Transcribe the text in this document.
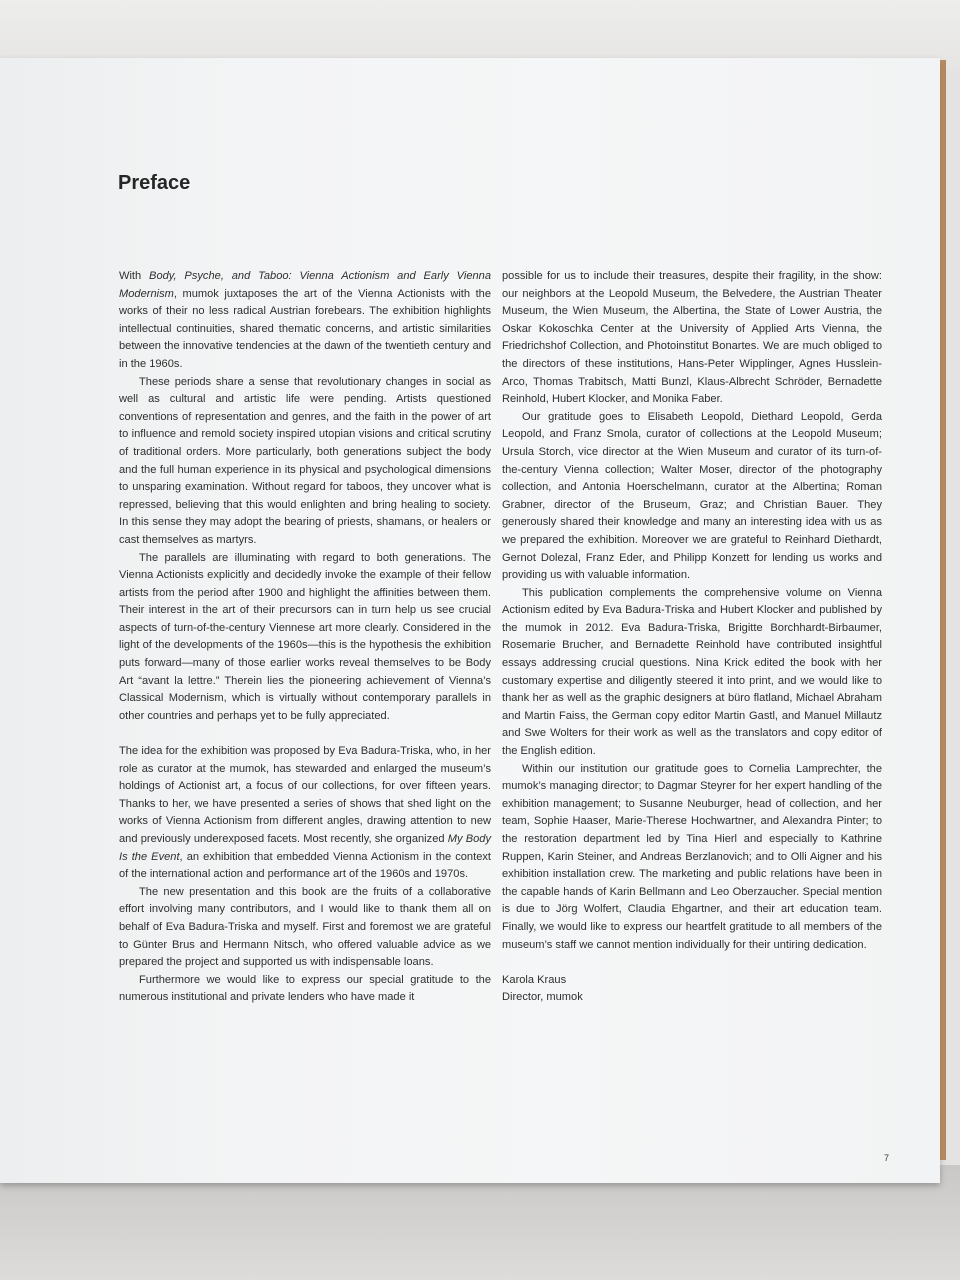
Preface

With Body, Psyche, and Taboo: Vienna Actionism and Early Vienna Modernism, mumok juxtaposes the art of the Vienna Actionists with the works of their no less radical Austrian forebears. The exhibition highlights intellectual continuities, shared thematic concerns, and artistic similarities between the innovative tendencies at the dawn of the twentieth century and in the 1960s.

These periods share a sense that revolutionary changes in social as well as cultural and artistic life were pending. Artists questioned conventions of representation and genres, and the faith in the power of art to influence and remold society inspired utopian visions and critical scrutiny of traditional orders. More particularly, both generations subject the body and the full human experience in its physical and psychological dimensions to unsparing examination. Without regard for taboos, they uncover what is repressed, believing that this would enlighten and bring healing to society. In this sense they may adopt the bearing of priests, shamans, or healers or cast themselves as martyrs.

The parallels are illuminating with regard to both generations. The Vienna Actionists explicitly and decidedly invoke the example of their fellow artists from the period after 1900 and highlight the affinities between them. Their interest in the art of their precursors can in turn help us see crucial aspects of turn-of-the-century Viennese art more clearly. Considered in the light of the developments of the 1960s—this is the hypothesis the exhibition puts forward—many of those earlier works reveal themselves to be Body Art “avant la lettre.” Therein lies the pioneering achievement of Vienna’s Classical Modernism, which is virtually without contemporary parallels in other countries and perhaps yet to be fully appreciated.

The idea for the exhibition was proposed by Eva Badura-Triska, who, in her role as curator at the mumok, has stewarded and enlarged the museum’s holdings of Actionist art, a focus of our collections, for over fifteen years. Thanks to her, we have presented a series of shows that shed light on the works of Vienna Actionism from different angles, drawing attention to new and previously underexposed facets. Most recently, she organized My Body Is the Event, an exhibition that embedded Vienna Actionism in the context of the international action and performance art of the 1960s and 1970s.

The new presentation and this book are the fruits of a collaborative effort involving many contributors, and I would like to thank them all on behalf of Eva Badura-Triska and myself. First and foremost we are grateful to Günter Brus and Hermann Nitsch, who offered valuable advice as we prepared the project and supported us with indispensable loans.

Furthermore we would like to express our special gratitude to the numerous institutional and private lenders who have made it

possible for us to include their treasures, despite their fragility, in the show: our neighbors at the Leopold Museum, the Belvedere, the Austrian Theater Museum, the Wien Museum, the Albertina, the State of Lower Austria, the Oskar Kokoschka Center at the University of Applied Arts Vienna, the Friedrichshof Collection, and Photoinstitut Bonartes. We are much obliged to the directors of these institutions, Hans-Peter Wipplinger, Agnes Husslein-Arco, Thomas Trabitsch, Matti Bunzl, Klaus-Albrecht Schröder, Bernadette Reinhold, Hubert Klocker, and Monika Faber.

Our gratitude goes to Elisabeth Leopold, Diethard Leopold, Gerda Leopold, and Franz Smola, curator of collections at the Leopold Museum; Ursula Storch, vice director at the Wien Museum and curator of its turn-of-the-century Vienna collection; Walter Moser, director of the photography collection, and Antonia Hoerschelmann, curator at the Albertina; Roman Grabner, director of the Bruseum, Graz; and Christian Bauer. They generously shared their knowledge and many an interesting idea with us as we prepared the exhibition. Moreover we are grateful to Reinhard Diethardt, Gernot Dolezal, Franz Eder, and Philipp Konzett for lending us works and providing us with valuable information.

This publication complements the comprehensive volume on Vienna Actionism edited by Eva Badura-Triska and Hubert Klocker and published by the mumok in 2012. Eva Badura-Triska, Brigitte Borchhardt-Birbaumer, Rosemarie Brucher, and Bernadette Reinhold have contributed insightful essays addressing crucial questions. Nina Krick edited the book with her customary expertise and diligently steered it into print, and we would like to thank her as well as the graphic designers at büro flatland, Michael Abraham and Martin Faiss, the German copy editor Martin Gastl, and Manuel Millautz and Swe Wolters for their work as well as the translators and copy editor of the English edition.

Within our institution our gratitude goes to Cornelia Lamprechter, the mumok’s managing director; to Dagmar Steyrer for her expert handling of the exhibition management; to Susanne Neuburger, head of collection, and her team, Sophie Haaser, Marie-Therese Hochwartner, and Alexandra Pinter; to the restoration department led by Tina Hierl and especially to Kathrine Ruppen, Karin Steiner, and Andreas Berzlanovich; and to Olli Aigner and his exhibition installation crew. The marketing and public relations have been in the capable hands of Karin Bellmann and Leo Oberzaucher. Special mention is due to Jörg Wolfert, Claudia Ehgartner, and their art education team. Finally, we would like to express our heartfelt gratitude to all members of the museum’s staff we cannot mention individually for their untiring dedication.

Karola Kraus

Director, mumok

7
